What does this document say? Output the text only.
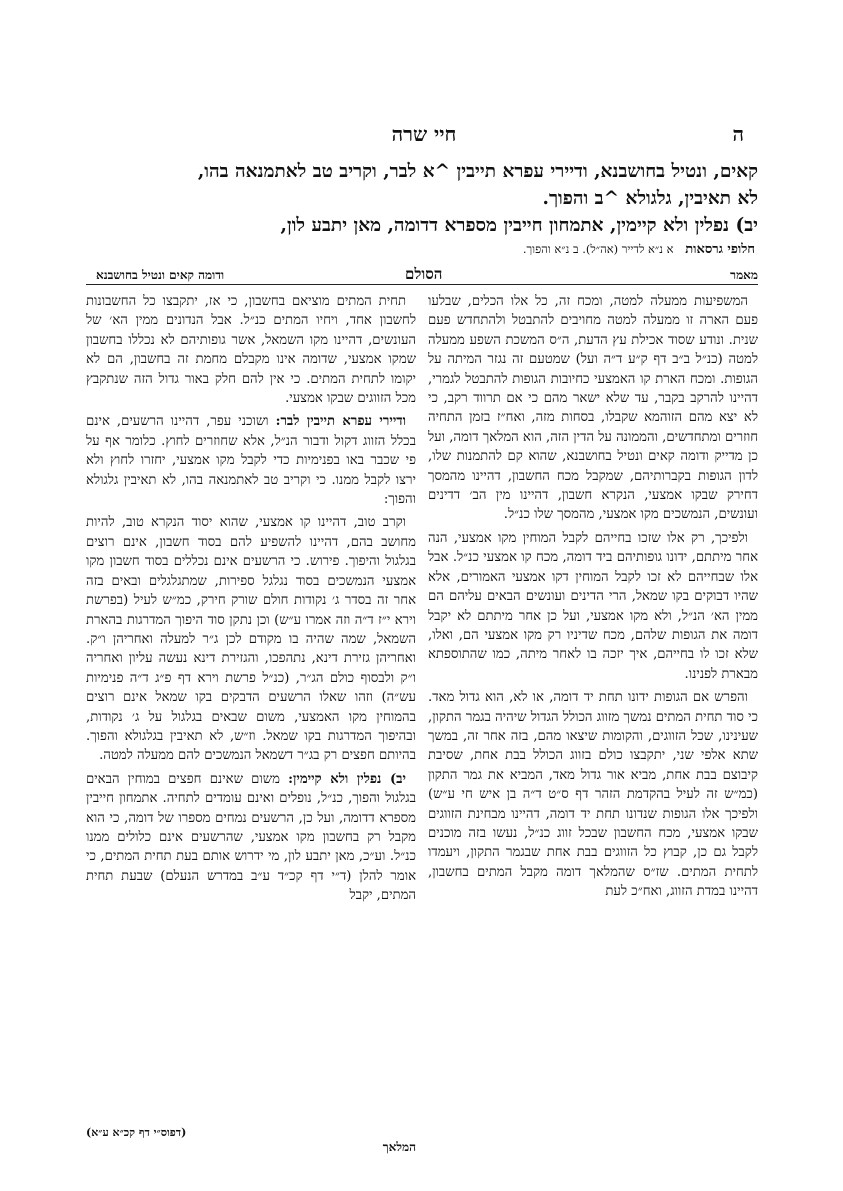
חיי שרה	ה
קאים, ונטיל בחושבנא, ודיירי עפרא תייבין ^א לבר, וקריב טב לאתמנאה בהו,
לא תאיבין, גלגולא ^ב והפוך.
יב) נפלין ולא קיימין, אתמחון חייבין מספרא דדומה, מאן יתבע לון,
חלופי גרסאות א נ״א לדייר (אה״ל). ב נ״א והפוך.
מאמר
הסולם
ודומה קאים ונטיל בחושבנא

המשפיעות ממעלה למטה, ומכח זה, כל אלו הכלים, שבלעו פעם הארה זו ממעלה למטה מחויבים להתבטל ולהתחדש פעם שנית. ונודע שסוד אכילת עץ הדעת, ה״ס המשכת השפע ממעלה למטה (כנ״ל ב״ב דף ק״ע ד״ה ועל) שמטעם זה נגזר המיתה על הגופות. ומכח הארת קו האמצעי כחיובות הגופות להתבטל לגמרי, דהיינו להרקב בקבר, עד שלא ישאר מהם כי אם תרווד רקב, כי לא יצא מהם הזוהמא שקבלו, בסחות מזה, ואח״ז בזמן התחיה חוזרים ומתחדשים, והממונה על הדין הזה, הוא המלאך דומה, ועל כן מדייק ודומה קאים ונטיל בחושבנא, שהוא קם להתמנות שלו, לדון הגופות בקברותיהם, שמקבל מכח החשבון, דהיינו מהמסך דחירק שבקו אמצעי, הנקרא חשבון, דהיינו מין הב׳ דדינים ועונשים, הנמשכים מקו אמצעי, מהמסך שלו כנ״ל.

ולפיכך, רק אלו שזכו בחייהם לקבל המוחין מקו אמצעי, הנה אחר מיתתם, ידונו גופותיהם ביד דומה, מכח קו אמצעי כנ״ל. אבל אלו שבחייהם לא זכו לקבל המוחין דקו אמצעי האמורים, אלא שהיו דבוקים בקו שמאל, הרי הדינים ועונשים הבאים עליהם הם ממין הא׳ הנ״ל, ולא מקו אמצעי, ועל כן אחר מיתתם לא יקבל דומה את הגופות שלהם, מכח שדיניו רק מקו אמצעי הם, ואלו, שלא זכו לו בחייהם, איך יזכה בו לאחר מיתה, כמו שהתוספתא מבארת לפנינו.

והפרש אם הגופות ידונו תחת יד דומה, או לא, הוא גדול מאד. כי סוד תחית המתים נמשך מזווג הכולל הגדול שיהיה בגמר התקון, שעינינו, שכל הזווגים, והקומות שיצאו מהם, בזה אחר זה, במשך שתא אלפי שני, יתקבצו כולם בזווג הכולל בבת אחת, שסיבת קיבוצם בבת אחת, מביא אור גדול מאד, המביא את גמר התקון (כמ״ש זה לעיל בהקדמת הזהר דף ס״ט ד״ה בן איש חי ע״ש) ולפיכך אלו הגופות שנדונו תחת יד דומה, דהיינו מבחינת הזווגים שבקו אמצעי, מכח החשבון שבכל זווג כנ״ל, נעשו בזה מוכנים לקבל גם כן, קבוץ כל הזווגים בבת אחת שבגמר התקון, ויעמדו לתחית המתים. שז״ס שהמלאך דומה מקבל המתים בחשבון, דהיינו במדת הזווג, ואח״כ לעת

תחית המתים מוציאם בחשבון, כי אז, יתקבצו כל החשבונות לחשבון אחד, ויחיו המתים כנ״ל. אבל הנדונים ממין הא׳ של העונשים, דהיינו מקו השמאל, אשר גופותיהם לא נכללו בחשבון שמקו אמצעי, שדומה אינו מקבלם מחמת זה בחשבון, הם לא יקומו לתחית המתים. כי אין להם חלק באור גדול הזה שנתקבץ מכל הזווגים שבקו אמצעי.

ודיירי עפרא תייבין לבר: ושוכני עפר, דהיינו הרשעים, אינם בכלל הזווג דקול ודבור הנ״ל, אלא שחוזרים לחוץ. כלומר אף על פי שכבר באו בפנימיות כדי לקבל מקו אמצעי, יחזרו לחוץ ולא ירצו לקבל ממנו. כי וקריב טב לאתמנאה בהו, לא תאיבין גלגולא והפוך:

וקרב טוב, דהיינו קו אמצעי, שהוא יסוד הנקרא טוב, להיות מחושב בהם, דהיינו להשפיע להם בסוד חשבון, אינם רוצים בגלגול והיפוך. פירוש. כי הרשעים אינם נכללים בסוד חשבון מקו אמצעי הנמשכים בסוד נגלגל ספירות, שמתגלגלים ובאים בזה אחר זה בסדר ג׳ נקודות חולם שורק חירק, כמ״ש לעיל (בפרשת וירא י״ז ד״ה וזה אמרו ע״ש) וכן נתקן סוד היפוך המדרגות בהארת השמאל, שמה שהיה בו מקודם לכן ג״ר למעלה ואחריהן ו״ק. ואחריהן גזירת דינא, נתהפכו, והגזירת דינא נעשה עליון ואחריה ו״ק ולבסוף כולם הג״ר, (כנ״ל פרשת וירא דף פ״ג ד״ה פנימיות עש״ה) וזהו שאלו הרשעים הדבקים בקו שמאל אינם רוצים בהמוחין מקו האמצעי, משום שבאים בגלגול על ג׳ נקודות, ובהיפוך המדרגות בקו שמאל. וז״ש, לא תאיבין בגלגולא והפוך. בהיותם חפצים רק בג״ר דשמאל הנמשכים להם ממעלה למטה.

יב) נפלין ולא קיימין: משום שאינם חפצים במוחין הבאים בגלגול והפוך, כנ״ל, נופלים ואינם עומדים לתחיה. אתמחון חייבין מספרא דדומה, ועל כן, הרשעים נמחים מספרו של דומה, כי הוא מקבל רק בחשבון מקו אמצעי, שהרשעים אינם כלולים ממנו כנ״ל. וע״כ, מאן יתבע לון, מי ידרוש אותם בעת תחית המתים, כי אומר להלן (ד״י דף קכ״ד ע״ב במדרש הנעלם) שבעת תחית המתים, יקבל

(דפוס״י דף קכ״א ע״א)
המלאך
